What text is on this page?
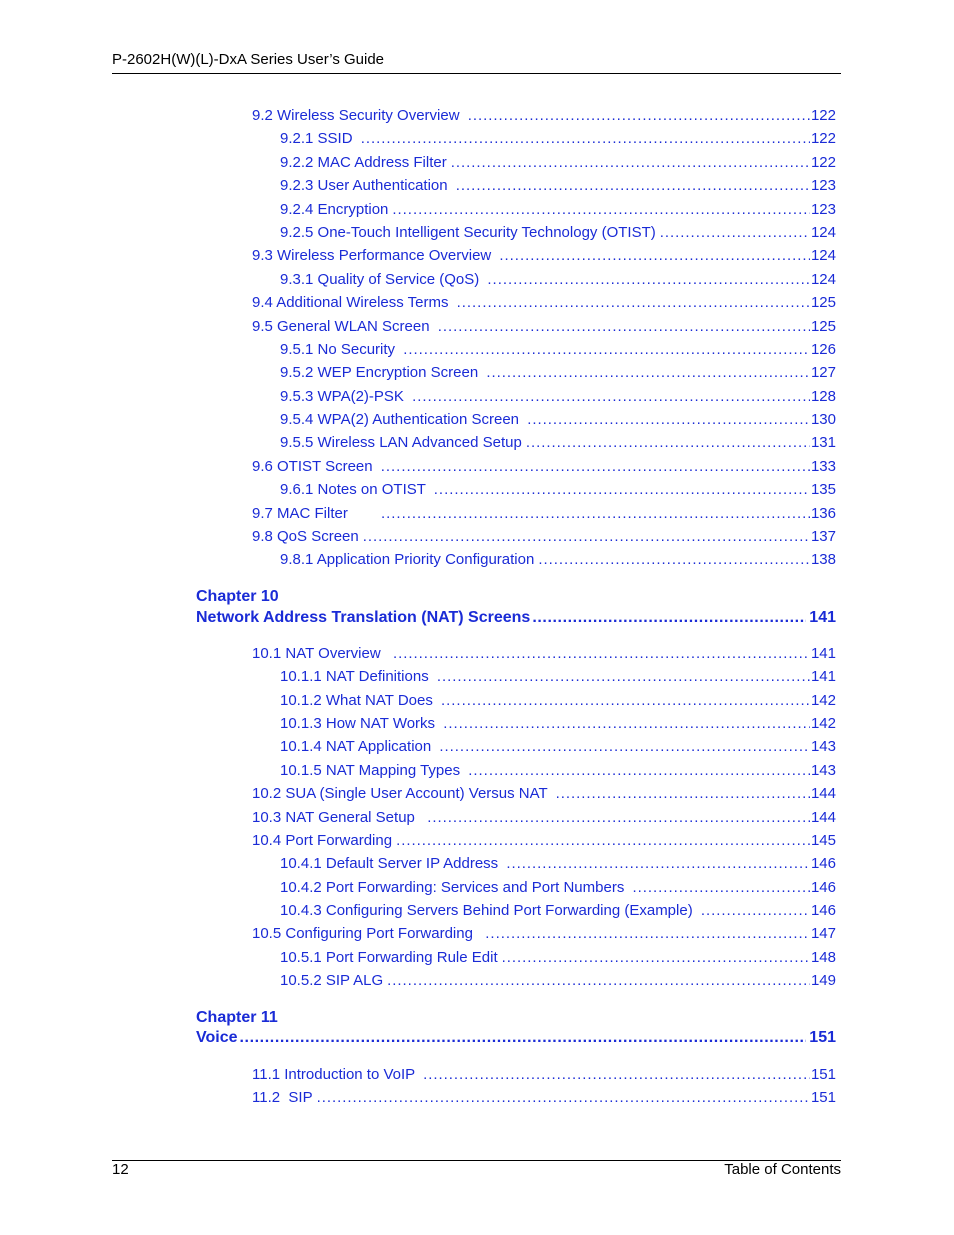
P-2602H(W)(L)-DxA Series User’s Guide
9.2 Wireless Security Overview . . .	122
9.2.1 SSID . . .	122
9.2.2 MAC Address Filter . . .	122
9.2.3 User Authentication . . .	123
9.2.4 Encryption . . .	123
9.2.5 One-Touch Intelligent Security Technology (OTIST) . . .	124
9.3 Wireless Performance Overview . . .	124
9.3.1 Quality of Service (QoS) . . .	124
9.4 Additional Wireless Terms . . .	125
9.5 General WLAN Screen . . .	125
9.5.1 No Security . . .	126
9.5.2 WEP Encryption Screen . . .	127
9.5.3 WPA(2)-PSK . . .	128
9.5.4 WPA(2) Authentication Screen . . .	130
9.5.5 Wireless LAN Advanced Setup . . .	131
9.6 OTIST Screen . . .	133
9.6.1 Notes on OTIST . . .	135
9.7 MAC Filter . . .	136
9.8 QoS Screen . . .	137
9.8.1 Application Priority Configuration . . .	138
Chapter 10
Network Address Translation (NAT) Screens .....	141
10.1 NAT Overview . . .	141
10.1.1 NAT Definitions . . .	141
10.1.2 What NAT Does . . .	142
10.1.3 How NAT Works . . .	142
10.1.4 NAT Application . . .	143
10.1.5 NAT Mapping Types . . .	143
10.2 SUA (Single User Account) Versus NAT . . .	144
10.3 NAT General Setup . . .	144
10.4 Port Forwarding . . .	145
10.4.1 Default Server IP Address . . .	146
10.4.2 Port Forwarding: Services and Port Numbers . . .	146
10.4.3 Configuring Servers Behind Port Forwarding (Example) . . .	146
10.5 Configuring Port Forwarding . . .	147
10.5.1 Port Forwarding Rule Edit . . .	148
10.5.2 SIP ALG . . .	149
Chapter 11
Voice .....	151
11.1 Introduction to VoIP . . .	151
11.2  SIP . . .	151
12	Table of Contents
